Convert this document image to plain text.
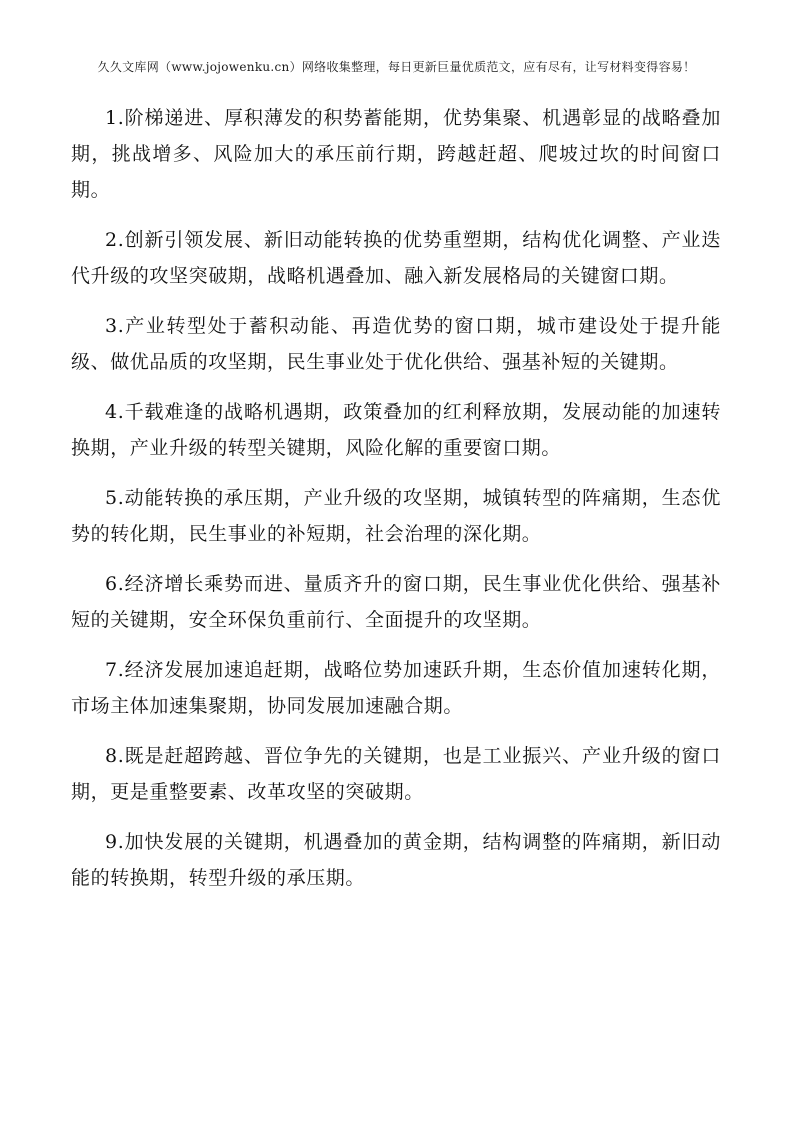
久久文库网（www.jojowenku.cn）网络收集整理，每日更新巨量优质范文，应有尽有，让写材料变得容易！

1.阶梯递进、厚积薄发的积势蓄能期，优势集聚、机遇彰显的战略叠加期，挑战增多、风险加大的承压前行期，跨越赶超、爬坡过坎的时间窗口期。

2.创新引领发展、新旧动能转换的优势重塑期，结构优化调整、产业迭代升级的攻坚突破期，战略机遇叠加、融入新发展格局的关键窗口期。

3.产业转型处于蓄积动能、再造优势的窗口期，城市建设处于提升能级、做优品质的攻坚期，民生事业处于优化供给、强基补短的关键期。

4.千载难逢的战略机遇期，政策叠加的红利释放期，发展动能的加速转换期，产业升级的转型关键期，风险化解的重要窗口期。

5.动能转换的承压期，产业升级的攻坚期，城镇转型的阵痛期，生态优势的转化期，民生事业的补短期，社会治理的深化期。

6.经济增长乘势而进、量质齐升的窗口期，民生事业优化供给、强基补短的关键期，安全环保负重前行、全面提升的攻坚期。

7.经济发展加速追赶期，战略位势加速跃升期，生态价值加速转化期，市场主体加速集聚期，协同发展加速融合期。

8.既是赶超跨越、晋位争先的关键期，也是工业振兴、产业升级的窗口期，更是重整要素、改革攻坚的突破期。

9.加快发展的关键期，机遇叠加的黄金期，结构调整的阵痛期，新旧动能的转换期，转型升级的承压期。
